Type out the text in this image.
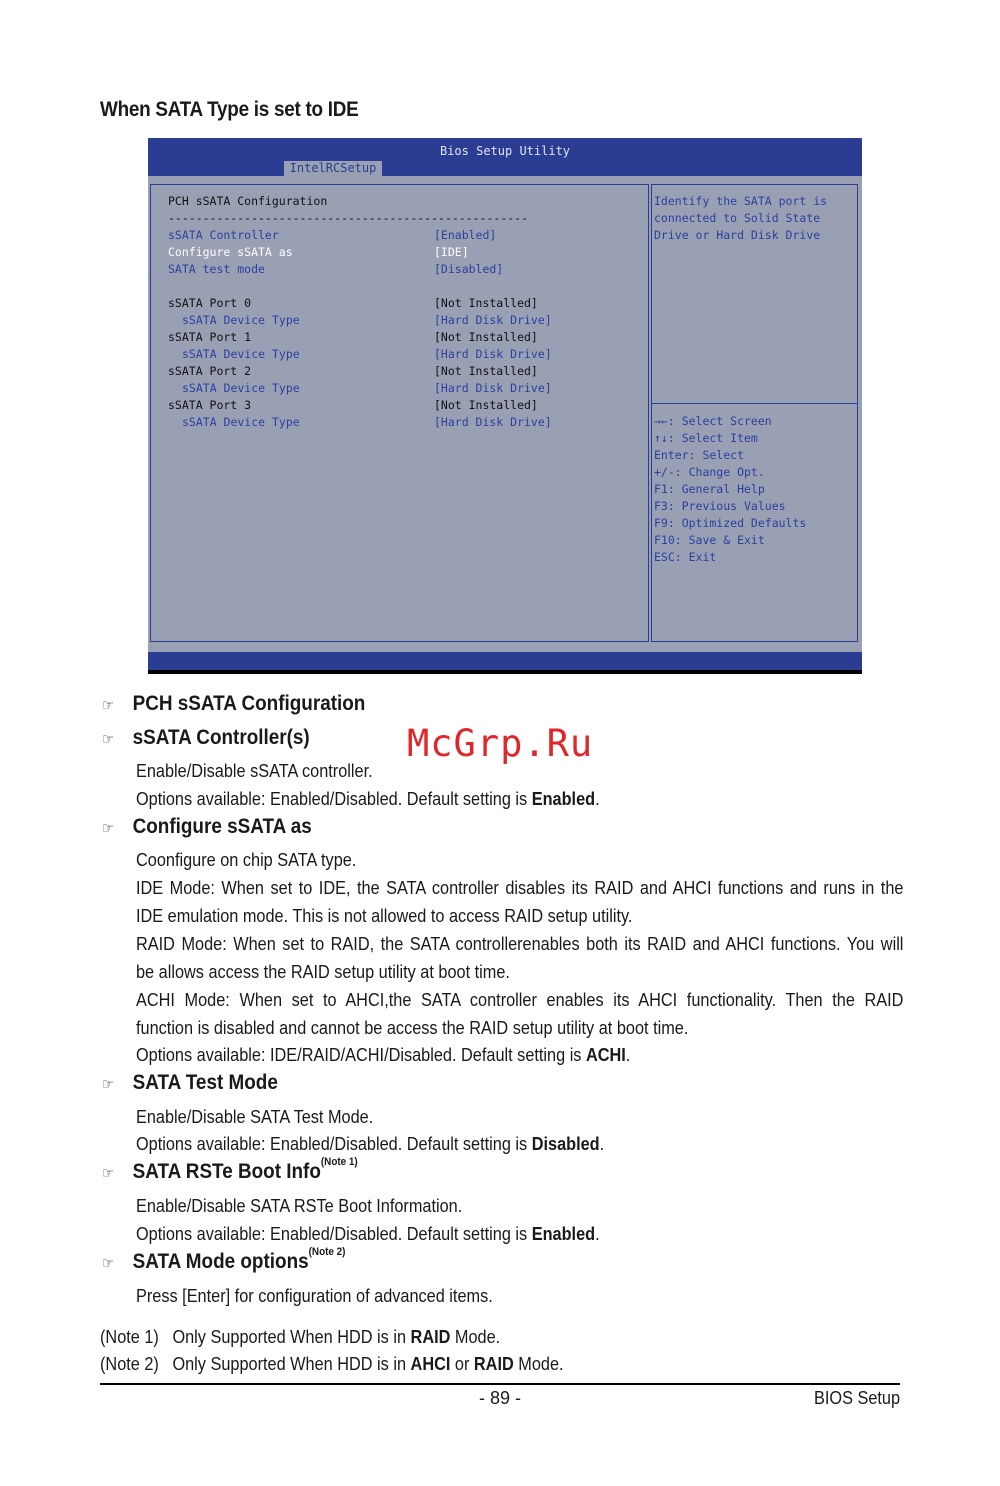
When SATA Type is set to IDE
Bios Setup Utility
IntelRCSetup
PCH sSATA Configuration
----------------------------------------------------
sSATA Controller	[Enabled]
Configure sSATA as	[IDE]
SATA test mode	[Disabled]
sSATA Port 0	[Not Installed]
sSATA Device Type	[Hard Disk Drive]
sSATA Port 1	[Not Installed]
sSATA Device Type	[Hard Disk Drive]
sSATA Port 2	[Not Installed]
sSATA Device Type	[Hard Disk Drive]
sSATA Port 3	[Not Installed]
sSATA Device Type	[Hard Disk Drive]
Identify the SATA port is
connected to Solid State
Drive or Hard Disk Drive
→←: Select Screen
↑↓: Select Item
Enter: Select
+/-: Change Opt.
F1: General Help
F3: Previous Values
F9: Optimized Defaults
F10: Save & Exit
ESC: Exit
McGrp.Ru
☞ PCH sSATA Configuration
☞ sSATA Controller(s)
Enable/Disable sSATA controller.
Options available: Enabled/Disabled. Default setting is Enabled.
☞ Configure sSATA as
Coonfigure on chip SATA type.
IDE Mode: When set to IDE, the SATA controller disables its RAID and AHCI functions and runs in the
IDE emulation mode. This is not allowed to access RAID setup utility.
RAID Mode: When set to RAID, the SATA controllerenables both its RAID and AHCI functions. You will
be allows access the RAID setup utility at boot time.
ACHI Mode: When set to AHCI,the SATA controller enables its AHCI functionality. Then the RAID
function is disabled and cannot be access the RAID setup utility at boot time.
Options available: IDE/RAID/ACHI/Disabled. Default setting is ACHI.
☞ SATA Test Mode
Enable/Disable SATA Test Mode.
Options available: Enabled/Disabled. Default setting is Disabled.
☞ SATA RSTe Boot Info$^{(Note 1)}$
Enable/Disable SATA RSTe Boot Information.
Options available: Enabled/Disabled. Default setting is Enabled.
☞ SATA Mode options$^{(Note 2)}$
Press [Enter] for configuration of advanced items.
(Note 1) Only Supported When HDD is in RAID Mode.
(Note 2) Only Supported When HDD is in AHCI or RAID Mode.
- 89 -	BIOS Setup
